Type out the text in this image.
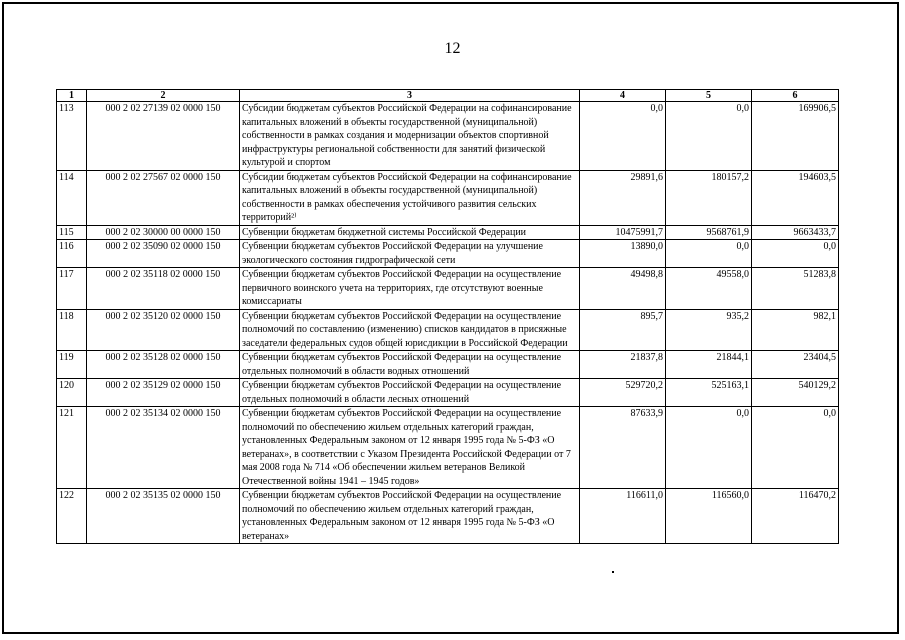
12
1	2	3	4	5	6
113	000 2 02 27139 02 0000 150	Субсидии бюджетам субъектов Российской Федерации на софинансирование капитальных вложений в объекты государственной (муниципальной) собственности в рамках создания и модернизации объектов спортивной инфраструктуры региональной собственности для занятий физической культурой и спортом	0,0	0,0	169906,5
114	000 2 02 27567 02 0000 150	Субсидии бюджетам субъектов Российской Федерации на софинансирование капитальных вложений в объекты государственной (муниципальной) собственности в рамках обеспечения устойчивого развития сельских территорий²⁾	29891,6	180157,2	194603,5
115	000 2 02 30000 00 0000 150	Субвенции бюджетам бюджетной системы Российской Федерации	10475991,7	9568761,9	9663433,7
116	000 2 02 35090 02 0000 150	Субвенции бюджетам субъектов Российской Федерации на улучшение экологического состояния гидрографической сети	13890,0	0,0	0,0
117	000 2 02 35118 02 0000 150	Субвенции бюджетам субъектов Российской Федерации на осуществление первичного воинского учета на территориях, где отсутствуют военные комиссариаты	49498,8	49558,0	51283,8
118	000 2 02 35120 02 0000 150	Субвенции бюджетам субъектов Российской Федерации на осуществление полномочий по составлению (изменению) списков кандидатов в присяжные заседатели федеральных судов общей юрисдикции в Российской Федерации	895,7	935,2	982,1
119	000 2 02 35128 02 0000 150	Субвенции бюджетам субъектов Российской Федерации на осуществление отдельных полномочий в области водных отношений	21837,8	21844,1	23404,5
120	000 2 02 35129 02 0000 150	Субвенции бюджетам субъектов Российской Федерации на осуществление отдельных полномочий в области лесных отношений	529720,2	525163,1	540129,2
121	000 2 02 35134 02 0000 150	Субвенции бюджетам субъектов Российской Федерации на осуществление полномочий по обеспечению жильем отдельных категорий граждан, установленных Федеральным законом от 12 января 1995 года № 5-ФЗ «О ветеранах», в соответствии с Указом Президента Российской Федерации от 7 мая 2008 года № 714 «Об обеспечении жильем ветеранов Великой Отечественной войны 1941 – 1945 годов»	87633,9	0,0	0,0
122	000 2 02 35135 02 0000 150	Субвенции бюджетам субъектов Российской Федерации на осуществление полномочий по обеспечению жильем отдельных категорий граждан, установленных Федеральным законом от 12 января 1995 года № 5-ФЗ «О ветеранах»	116611,0	116560,0	116470,2
